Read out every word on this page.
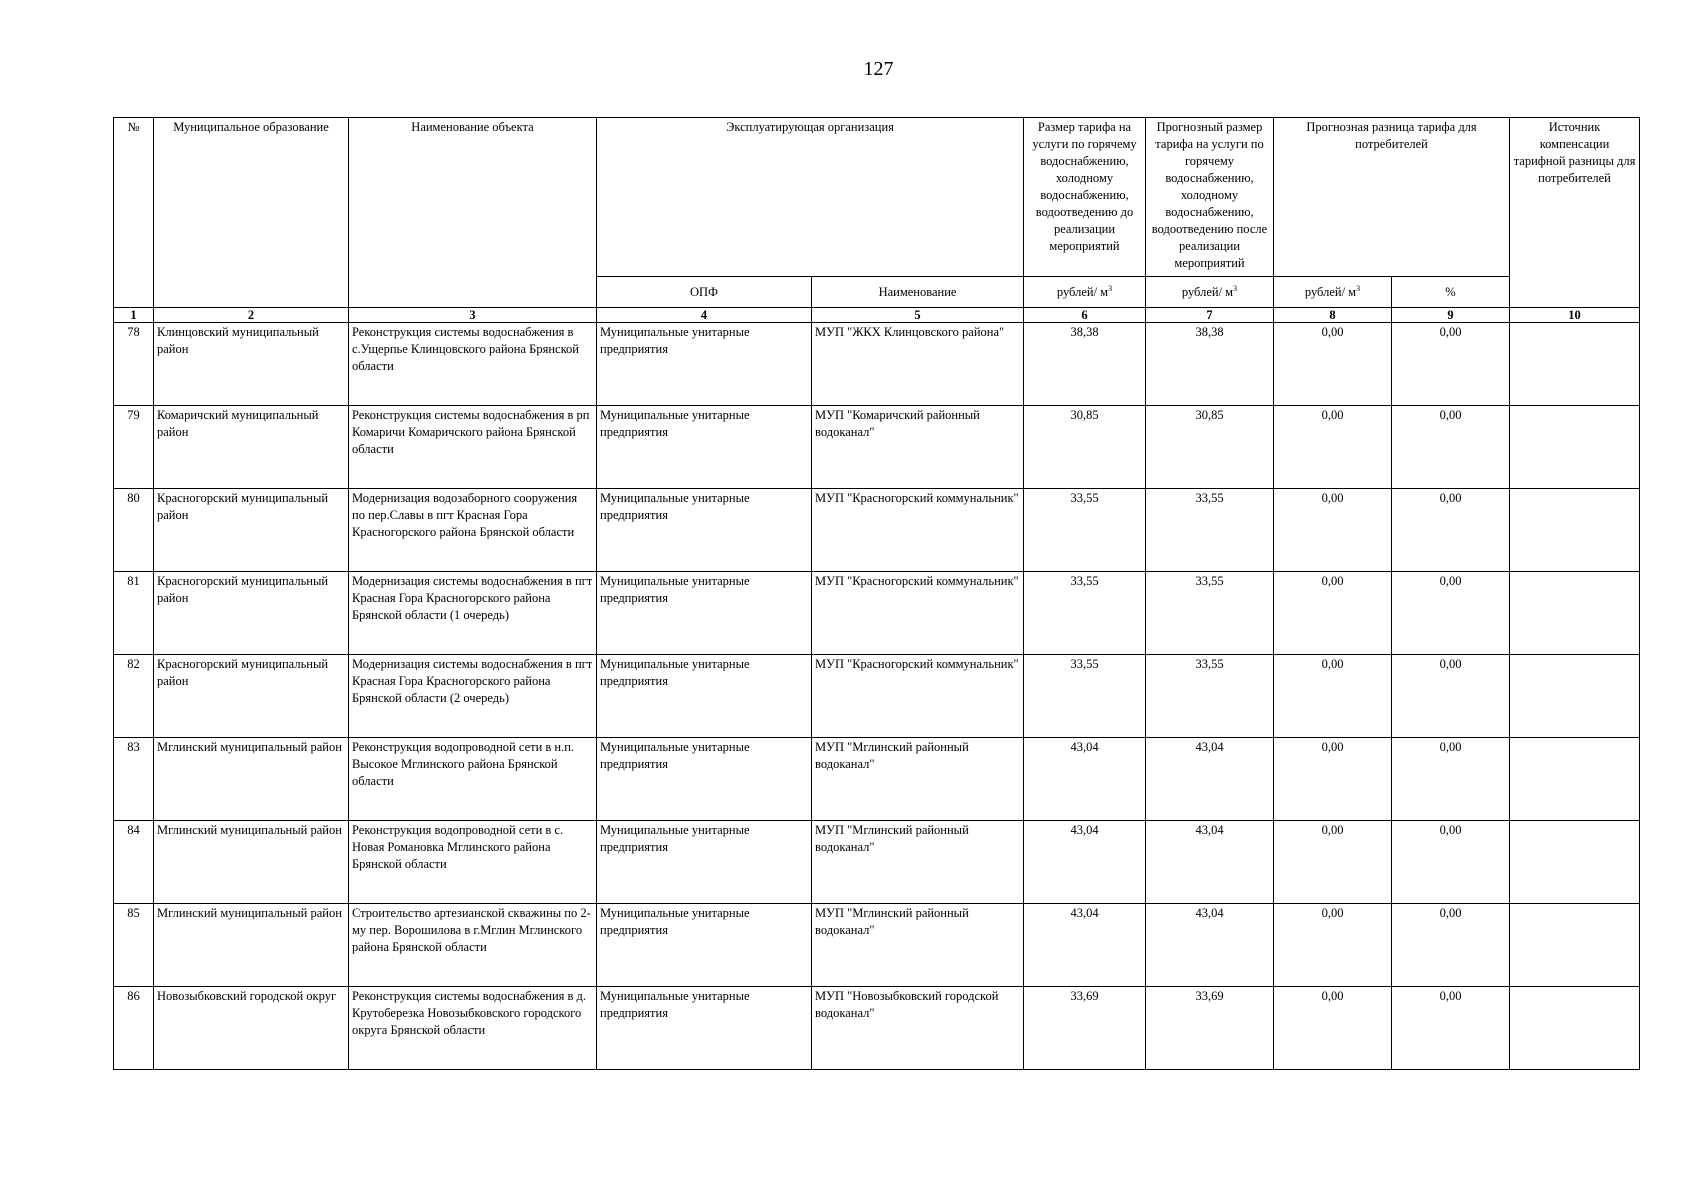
127
№	Муниципальное образование	Наименование объекта	Эксплуатирующая организация		Размер тарифа на услуги по горячему водоснабжению, холодному водоснабжению, водоотведению до реализации мероприятий	Прогнозный размер тарифа на услуги по горячему водоснабжению, холодному водоснабжению, водоотведению после реализации мероприятий	Прогнозная разница тарифа для потребителей		Источник компенсации тарифной разницы для потребителей
			ОПФ	Наименование	рублей/ $м^3$	рублей/ $м^3$	рублей/ $м^3$	%	
1	2	3	4	5	6	7	8	9	10
78	Клинцовский муниципальный район	Реконструкция системы водоснабжения в с.Ущерпье Клинцовского района Брянской области	Муниципальные унитарные предприятия	МУП "ЖКХ Клинцовского района"	38,38	38,38	0,00	0,00	
79	Комаричский муниципальный район	Реконструкция системы водоснабжения в рп Комаричи Комаричского района Брянской области	Муниципальные унитарные предприятия	МУП "Комаричский районный водоканал"	30,85	30,85	0,00	0,00	
80	Красногорский муниципальный район	Модернизация водозаборного сооружения по пер.Славы в пгт Красная Гора Красногорского района Брянской области	Муниципальные унитарные предприятия	МУП "Красногорский коммунальник"	33,55	33,55	0,00	0,00	
81	Красногорский муниципальный район	Модернизация системы водоснабжения в пгт Красная Гора Красногорского района Брянской области (1 очередь)	Муниципальные унитарные предприятия	МУП "Красногорский коммунальник"	33,55	33,55	0,00	0,00	
82	Красногорский муниципальный район	Модернизация системы водоснабжения в пгт Красная Гора Красногорского района Брянской области (2 очередь)	Муниципальные унитарные предприятия	МУП "Красногорский коммунальник"	33,55	33,55	0,00	0,00	
83	Мглинский муниципальный район	Реконструкция водопроводной сети в н.п. Высокое Мглинского района Брянской области	Муниципальные унитарные предприятия	МУП "Мглинский районный водоканал"	43,04	43,04	0,00	0,00	
84	Мглинский муниципальный район	Реконструкция водопроводной сети в с. Новая Романовка Мглинского района Брянской области	Муниципальные унитарные предприятия	МУП "Мглинский районный водоканал"	43,04	43,04	0,00	0,00	
85	Мглинский муниципальный район	Строительство артезианской скважины по 2-му пер. Ворошилова в г.Мглин Мглинского района Брянской области	Муниципальные унитарные предприятия	МУП "Мглинский районный водоканал"	43,04	43,04	0,00	0,00	
86	Новозыбковский городской округ	Реконструкция системы водоснабжения в д. Крутоберезка Новозыбковского городского округа Брянской области	Муниципальные унитарные предприятия	МУП "Новозыбковский городской водоканал"	33,69	33,69	0,00	0,00	
